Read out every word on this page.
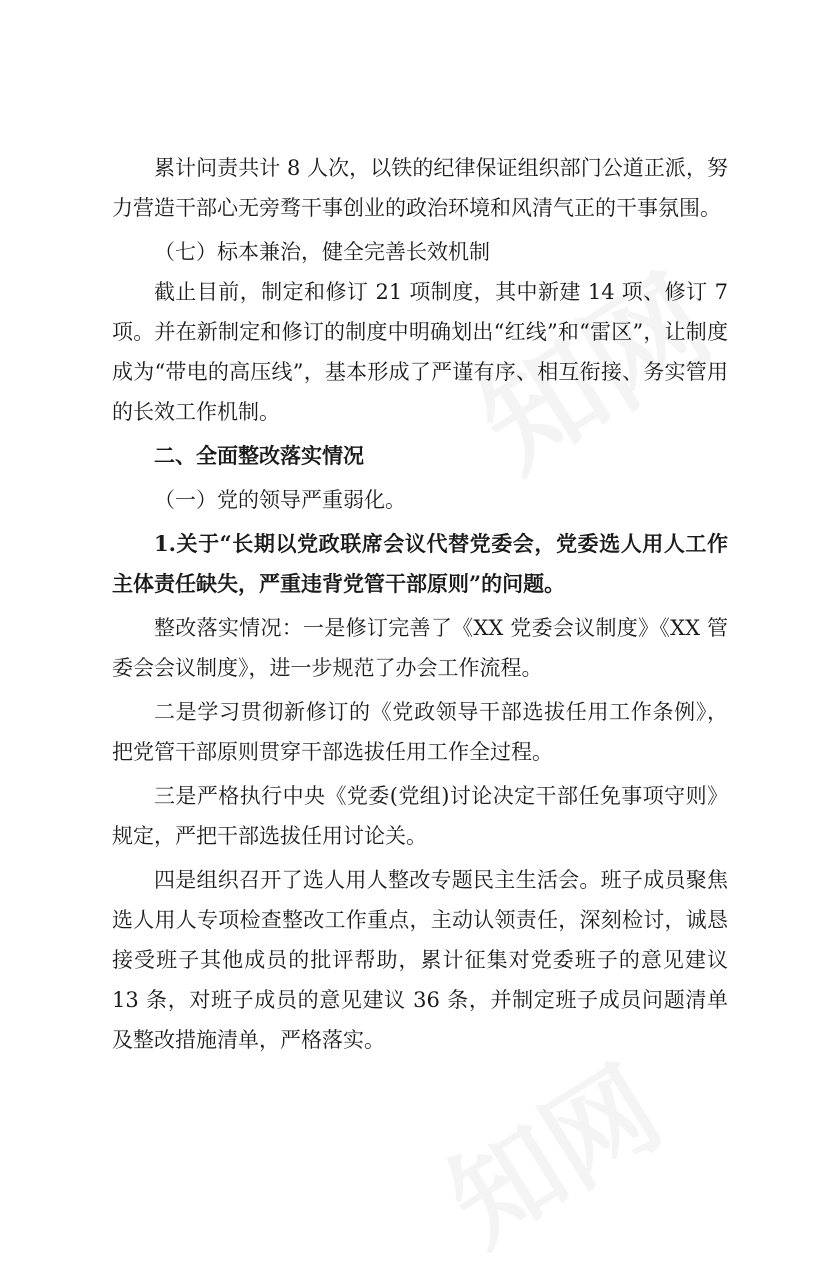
累计问责共计 8 人次，以铁的纪律保证组织部门公道正派，努力营造干部心无旁骛干事创业的政治环境和风清气正的干事氛围。

（七）标本兼治，健全完善长效机制

截止目前，制定和修订 21 项制度，其中新建 14 项、修订 7 项。并在新制定和修订的制度中明确划出“红线”和“雷区”，让制度成为“带电的高压线”，基本形成了严谨有序、相互衔接、务实管用的长效工作机制。

二、全面整改落实情况

（一）党的领导严重弱化。

1.关于“长期以党政联席会议代替党委会，党委选人用人工作主体责任缺失，严重违背党管干部原则”的问题。

整改落实情况：一是修订完善了《XX 党委会议制度》《XX 管委会会议制度》，进一步规范了办会工作流程。

二是学习贯彻新修订的《党政领导干部选拔任用工作条例》，把党管干部原则贯穿干部选拔任用工作全过程。

三是严格执行中央《党委(党组)讨论决定干部任免事项守则》规定，严把干部选拔任用讨论关。

四是组织召开了选人用人整改专题民主生活会。班子成员聚焦选人用人专项检查整改工作重点，主动认领责任，深刻检讨，诚恳接受班子其他成员的批评帮助，累计征集对党委班子的意见建议 13 条，对班子成员的意见建议 36 条，并制定班子成员问题清单及整改措施清单，严格落实。
